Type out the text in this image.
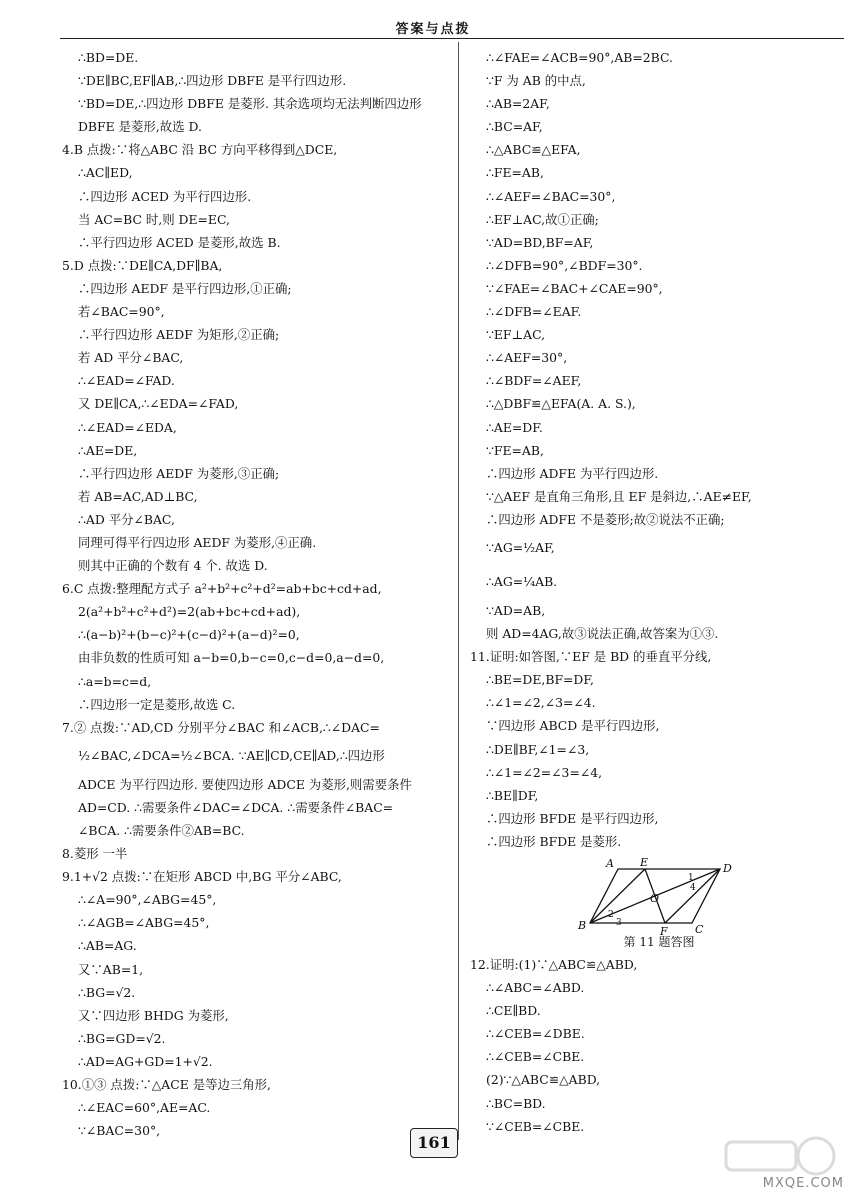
答案与点拨
∴BD=DE.
∵DE∥BC,EF∥AB,∴四边形 DBFE 是平行四边形.
∵BD=DE,∴四边形 DBFE 是菱形. 其余选项均无法判断四边形
DBFE 是菱形,故选 D.
4.B 点拨:∵将△ABC 沿 BC 方向平移得到△DCE,
∴AC∥ED,
∴四边形 ACED 为平行四边形.
当 AC=BC 时,则 DE=EC,
∴平行四边形 ACED 是菱形,故选 B.
5.D 点拨:∵DE∥CA,DF∥BA,
∴四边形 AEDF 是平行四边形,①正确;
若∠BAC=90°,
∴平行四边形 AEDF 为矩形,②正确;
若 AD 平分∠BAC,
∴∠EAD=∠FAD.
又 DE∥CA,∴∠EDA=∠FAD,
∴∠EAD=∠EDA,
∴AE=DE,
∴平行四边形 AEDF 为菱形,③正确;
若 AB=AC,AD⊥BC,
∴AD 平分∠BAC,
同理可得平行四边形 AEDF 为菱形,④正确.
则其中正确的个数有 4 个. 故选 D.
6.C 点拨:整理配方式子 a²+b²+c²+d²=ab+bc+cd+ad,
2(a²+b²+c²+d²)=2(ab+bc+cd+ad),
∴(a−b)²+(b−c)²+(c−d)²+(a−d)²=0,
由非负数的性质可知 a−b=0,b−c=0,c−d=0,a−d=0,
∴a=b=c=d,
∴四边形一定是菱形,故选 C.
7.② 点拨:∵AD,CD 分别平分∠BAC 和∠ACB,∴∠DAC=
½∠BAC,∠DCA=½∠BCA. ∵AE∥CD,CE∥AD,∴四边形
ADCE 为平行四边形. 要使四边形 ADCE 为菱形,则需要条件
AD=CD. ∴需要条件∠DAC=∠DCA. ∴需要条件∠BAC=
∠BCA. ∴需要条件②AB=BC.
8.菱形 一半
9.1+√2 点拨:∵在矩形 ABCD 中,BG 平分∠ABC,
∴∠A=90°,∠ABG=45°,
∴∠AGB=∠ABG=45°,
∴AB=AG.
又∵AB=1,
∴BG=√2.
又∵四边形 BHDG 为菱形,
∴BG=GD=√2.
∴AD=AG+GD=1+√2.
10.①③ 点拨:∵△ACE 是等边三角形,
∴∠EAC=60°,AE=AC.
∵∠BAC=30°,
∴∠FAE=∠ACB=90°,AB=2BC.
∵F 为 AB 的中点,
∴AB=2AF,
∴BC=AF,
∴△ABC≌△EFA,
∴FE=AB,
∴∠AEF=∠BAC=30°,
∴EF⊥AC,故①正确;
∵AD=BD,BF=AF,
∴∠DFB=90°,∠BDF=30°.
∵∠FAE=∠BAC+∠CAE=90°,
∴∠DFB=∠EAF.
∵EF⊥AC,
∴∠AEF=30°,
∴∠BDF=∠AEF,
∴△DBF≌△EFA(A. A. S.),
∴AE=DF.
∵FE=AB,
∴四边形 ADFE 为平行四边形.
∵△AEF 是直角三角形,且 EF 是斜边,∴AE≠EF,
∴四边形 ADFE 不是菱形;故②说法不正确;
∵AG=½AF,
∴AG=¼AB.
∵AD=AB,
则 AD=4AG,故③说法正确,故答案为①③.
11.证明:如答图,∵EF 是 BD 的垂直平分线,
∴BE=DE,BF=DF,
∴∠1=∠2,∠3=∠4.
∵四边形 ABCD 是平行四边形,
∴DE∥BF,∠1=∠3,
∴∠1=∠2=∠3=∠4,
∴BE∥DF,
∴四边形 BFDE 是平行四边形,
∴四边形 BFDE 是菱形.
A E	D
B	F C
O
1
2
3
4
第 11 题答图
12.证明:(1)∵△ABC≌△ABD,
∴∠ABC=∠ABD.
∴CE∥BD.
∴∠CEB=∠DBE.
∴∠CEB=∠CBE.
(2)∵△ABC≌△ABD,
∴BC=BD.
∵∠CEB=∠CBE.
161
MXQE.COM
